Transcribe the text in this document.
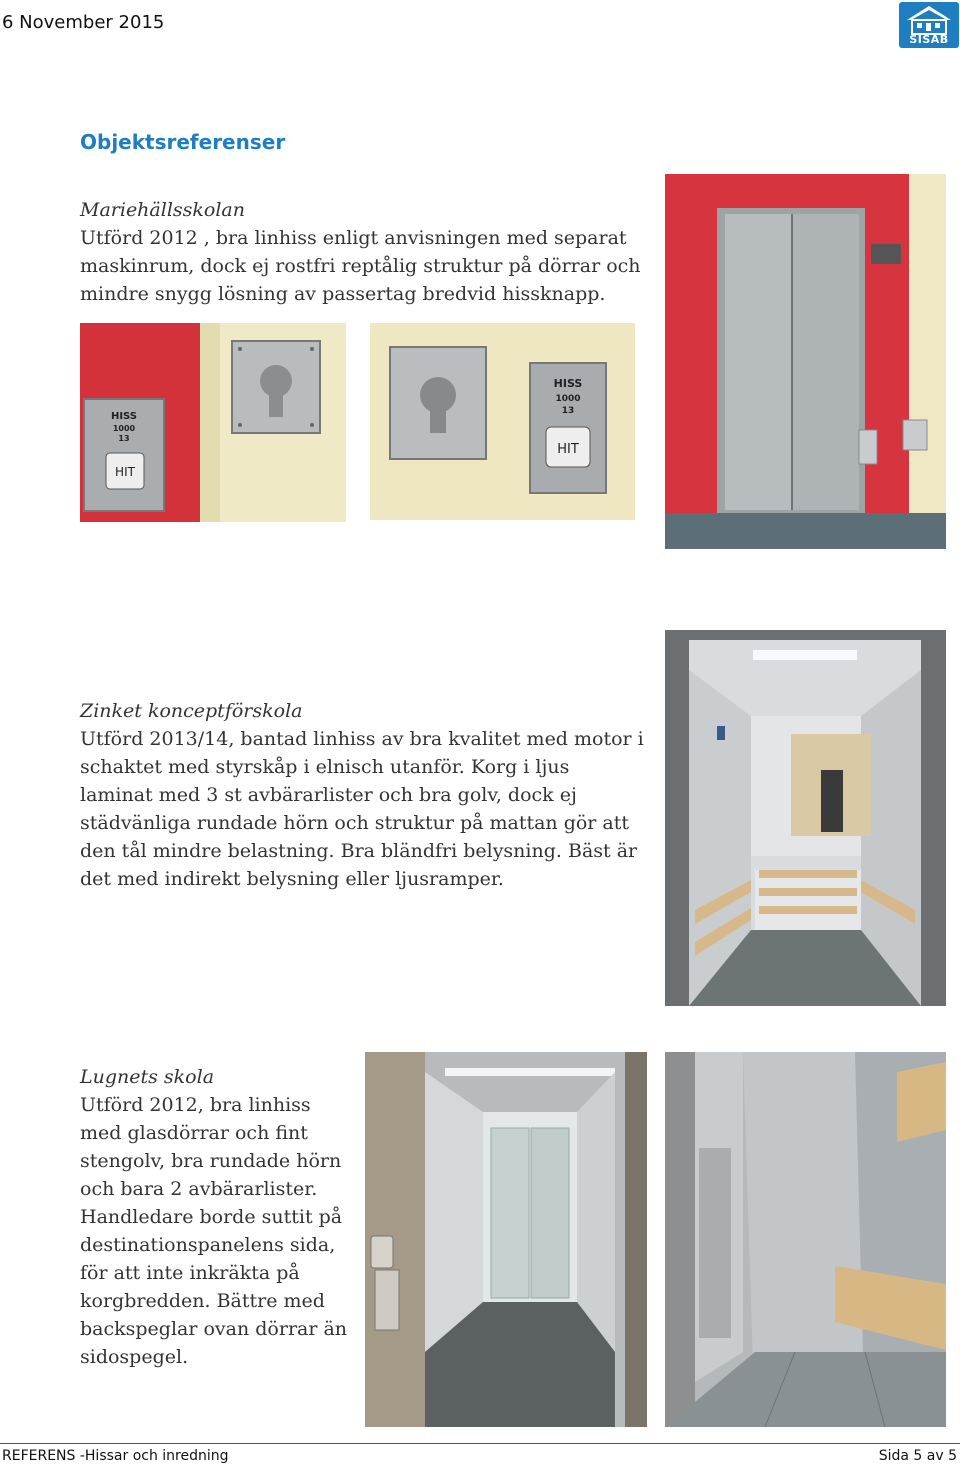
6 November 2015
SISAB
Objektsreferenser

Mariehällsskolan

Utförd 2012 , bra linhiss enligt anvisningen med separat

maskinrum, dock ej rostfri reptålig struktur på dörrar och

mindre snygg lösning av passertag bredvid hissknapp.

HISS
1000
13
HIT
HISS
1000
13
HIT

Zinket konceptförskola

Utförd 2013/14, bantad linhiss av bra kvalitet med motor i

schaktet med styrskåp i elnisch utanför. Korg i ljus

laminat med 3 st avbärarlister och bra golv, dock ej

städvänliga rundade hörn och struktur på mattan gör att

den tål mindre belastning. Bra bländfri belysning. Bäst är

det med indirekt belysning eller ljusramper.

Lugnets skola

Utförd 2012, bra linhiss

med glasdörrar och fint

stengolv, bra rundade hörn

och bara 2 avbärarlister.

Handledare borde suttit på

destinationspanelens sida,

för att inte inkräkta på

korgbredden. Bättre med

backspeglar ovan dörrar än

sidospegel.

REFERENS -Hissar och inredning	Sida 5 av 5
